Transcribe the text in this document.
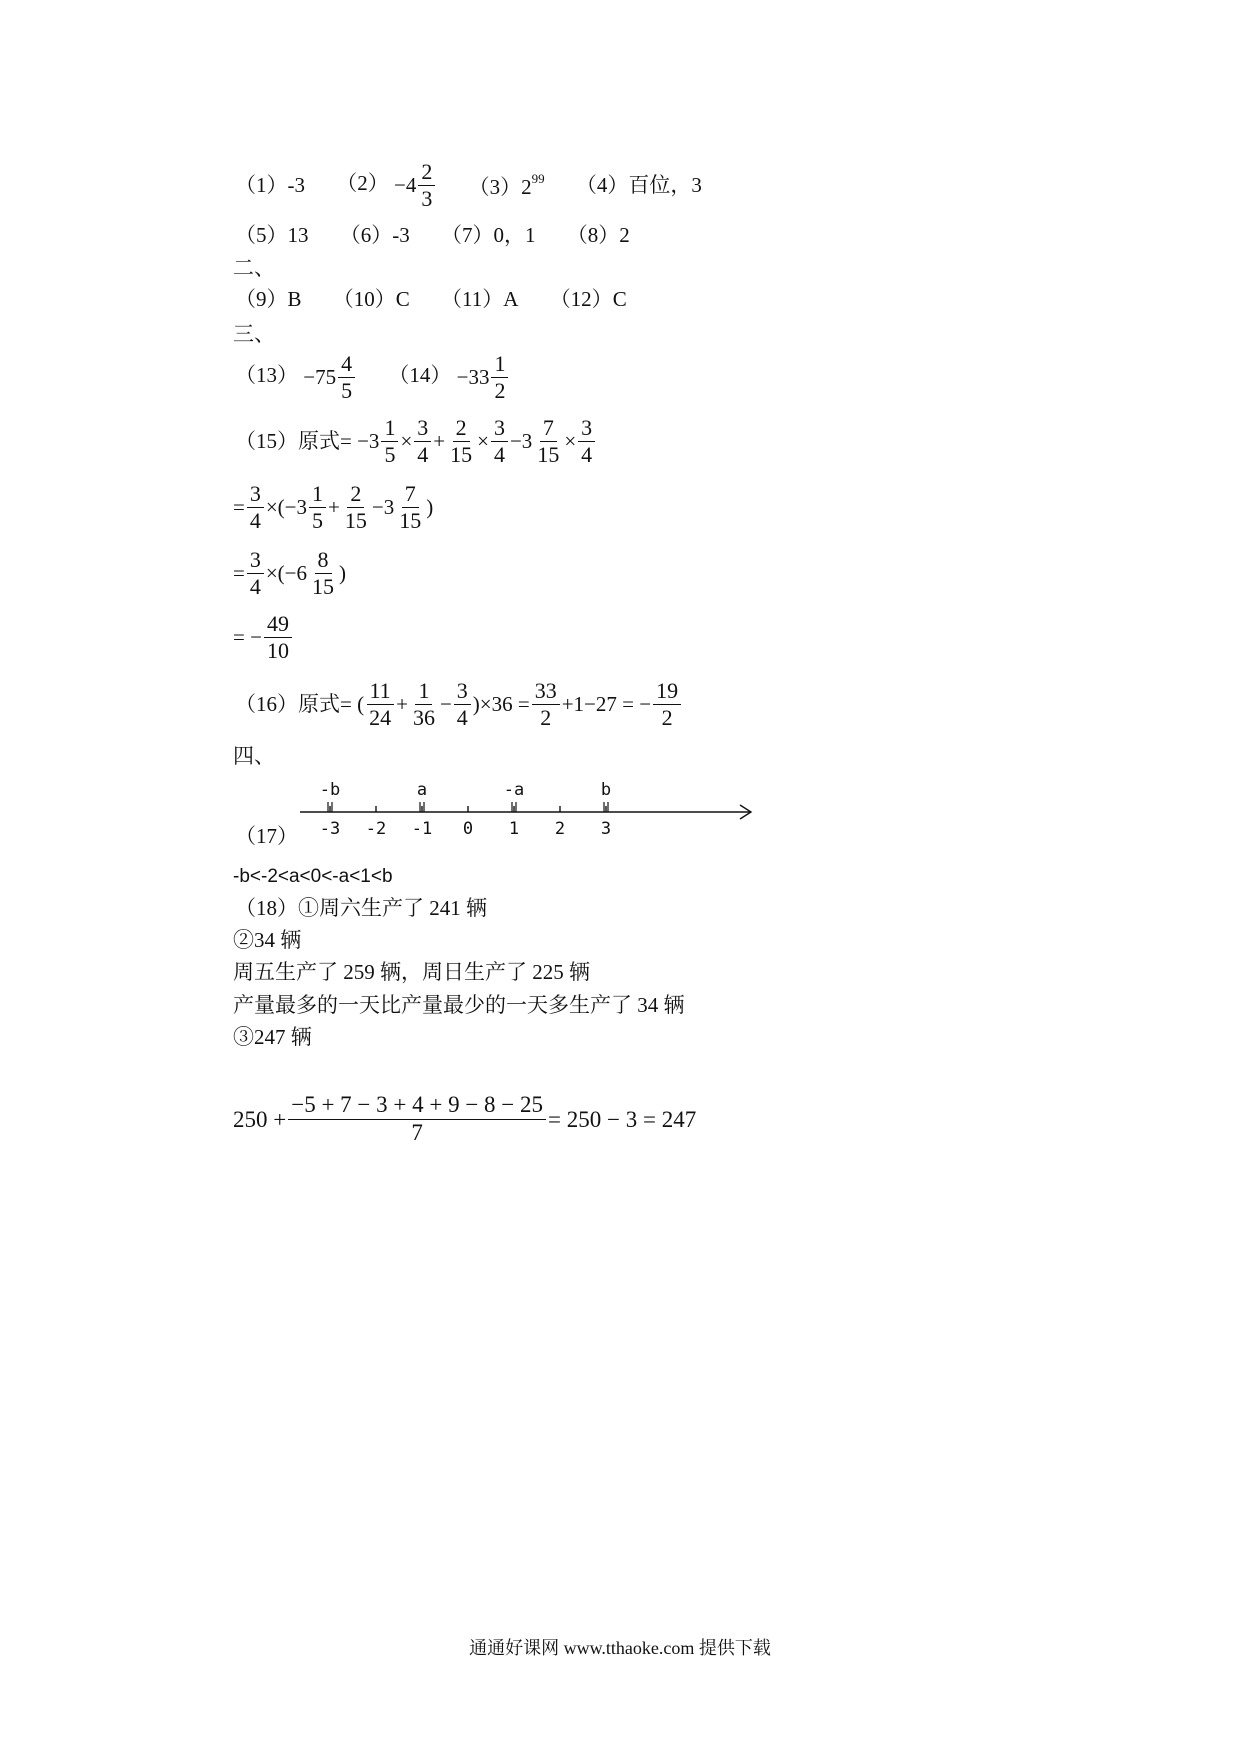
（1）-3 $(2) - 4 \frac{2}{3} (3)2^{99}$ （4）百位，3
（5）13 （6）-3 （7）0，1 （8）2
二、
（9）B （10）C （11）A （12）C
三、
$(13) - 75 \frac{4}{5} (14) - 33 \frac{1}{2}$
（15）原式 = $-3 \frac{1}{5} \times \frac{3}{4} + \frac{2}{15} \times \frac{3}{4} -3 \frac{7}{15} \times \frac{3}{4}$
= $\frac{3}{4} \times(-3 \frac{1}{5} + \frac{2}{15} -3 \frac{7}{15}$ )
= $\frac{3}{4} \times(-6 \frac{8}{15}$ )
= − $\frac{49}{10}$
（16）原式 = ( $\frac{11}{24} + \frac{1}{36} - \frac{3}{4} )\times 36 = \frac{33}{2} +1-27$ = − $\frac{19}{2}$
四、
-3 -2 -1 0 1 2 3
-b	a	-a	b
（17）
-b<-2<a<0<-a<1<b
（18）①周六生产了 241 辆
②34 辆
周五生产了 259 辆，周日生产了 225 辆
产量最多的一天比产量最少的一天多生产了 34 辆
③247 辆
$250 + \frac{-5 + 7 - 3 + 4 + 9 - 8 - 25}{7} = 250 - 3 = 247$
通通好课网 www.tthaoke.com 提供下载
